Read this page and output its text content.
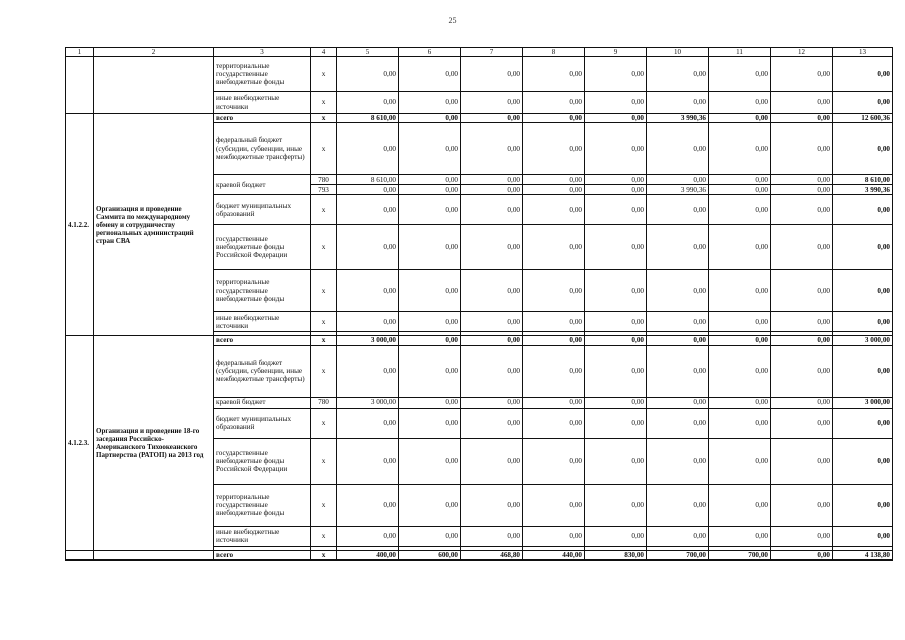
25
1	2	3	4	5	6	7	8	9	10	11	12	13
		территориальные государственные внебюджетные фонды	х	0,00	0,00	0,00	0,00	0,00	0,00	0,00	0,00	0,00
		иные внебюджетные источники	х	0,00	0,00	0,00	0,00	0,00	0,00	0,00	0,00	0,00
4.1.2.2.	Организация и проведение Саммита по международному обмену и сотрудничеству региональных администраций стран СВА	всего	х	8 610,00	0,00	0,00	0,00	0,00	3 990,36	0,00	0,00	12 600,36
		федеральный бюджет (субсидии, субвенции, иные межбюджетные трансферты)	х	0,00	0,00	0,00	0,00	0,00	0,00	0,00	0,00	0,00
		краевой бюджет	780	8 610,00	0,00	0,00	0,00	0,00	0,00	0,00	0,00	8 610,00
			793	0,00	0,00	0,00	0,00	0,00	3 990,36	0,00	0,00	3 990,36
		бюджет муниципальных образований	х	0,00	0,00	0,00	0,00	0,00	0,00	0,00	0,00	0,00
		государственные внебюджетные фонды Российской Федерации	х	0,00	0,00	0,00	0,00	0,00	0,00	0,00	0,00	0,00
		территориальные государственные внебюджетные фонды	х	0,00	0,00	0,00	0,00	0,00	0,00	0,00	0,00	0,00
		иные внебюджетные источники	х	0,00	0,00	0,00	0,00	0,00	0,00	0,00	0,00	0,00

4.1.2.3.	Организация и проведение 18-го заседания Российско-Американского Тихоокеанского Партнерства (РАТОП) на 2013 год	всего	х	3 000,00	0,00	0,00	0,00	0,00	0,00	0,00	0,00	3 000,00
		федеральный бюджет (субсидии, субвенции, иные межбюджетные трансферты)	х	0,00	0,00	0,00	0,00	0,00	0,00	0,00	0,00	0,00
		краевой бюджет	780	3 000,00	0,00	0,00	0,00	0,00	0,00	0,00	0,00	3 000,00
		бюджет муниципальных образований	х	0,00	0,00	0,00	0,00	0,00	0,00	0,00	0,00	0,00
		государственные внебюджетные фонды Российской Федерации	х	0,00	0,00	0,00	0,00	0,00	0,00	0,00	0,00	0,00
		территориальные государственные внебюджетные фонды	х	0,00	0,00	0,00	0,00	0,00	0,00	0,00	0,00	0,00
		иные внебюджетные источники	х	0,00	0,00	0,00	0,00	0,00	0,00	0,00	0,00	0,00

		всего	х	400,00	600,00	468,80	440,00	830,00	700,00	700,00	0,00	4 138,80
